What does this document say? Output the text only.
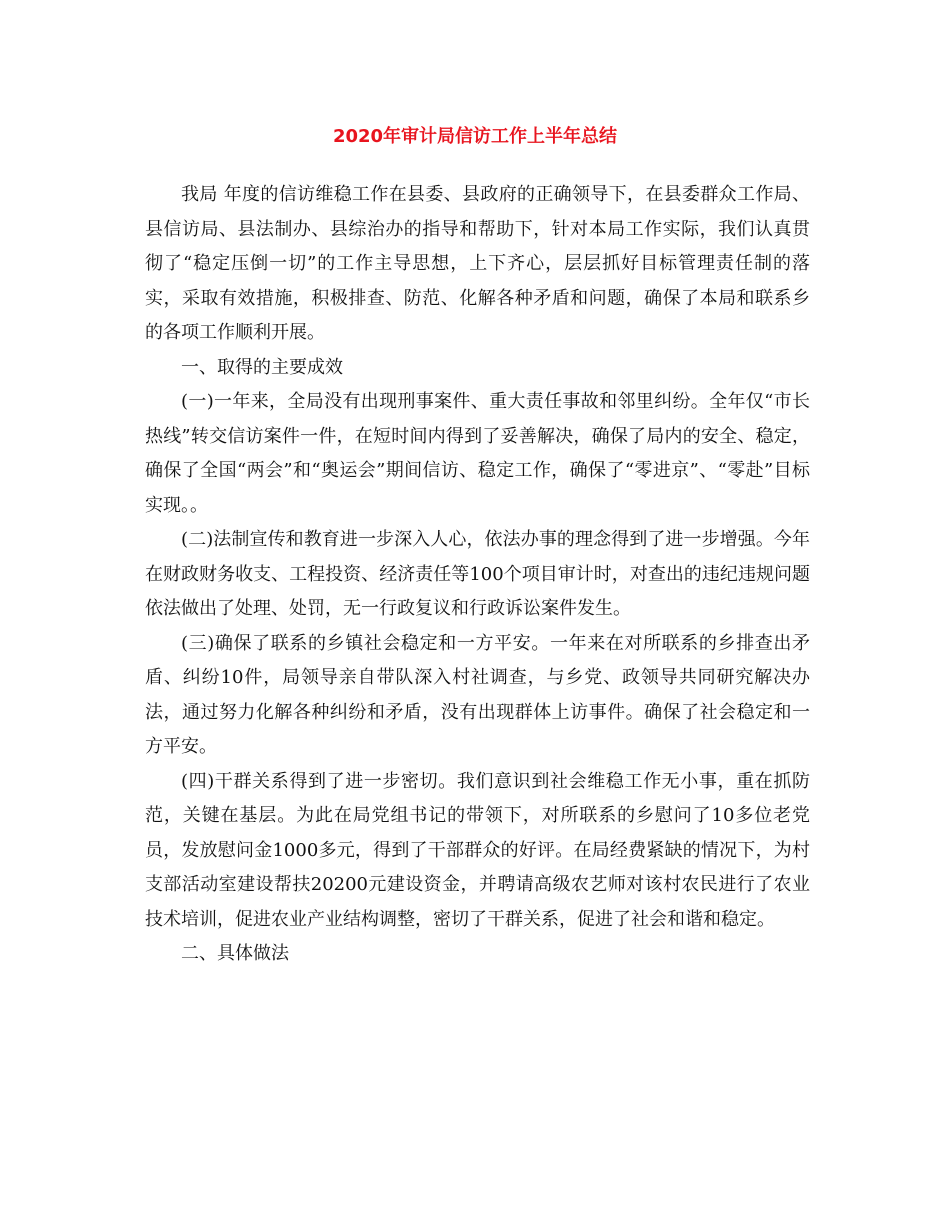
2020年审计局信访工作上半年总结

我局 年度的信访维稳工作在县委、县政府的正确领导下，在县委群众工作局、县信访局、县法制办、县综治办的指导和帮助下，针对本局工作实际，我们认真贯彻了“稳定压倒一切”的工作主导思想，上下齐心，层层抓好目标管理责任制的落实，采取有效措施，积极排查、防范、化解各种矛盾和问题，确保了本局和联系乡的各项工作顺利开展。

一、取得的主要成效

(一)一年来，全局没有出现刑事案件、重大责任事故和邻里纠纷。全年仅“市长热线”转交信访案件一件，在短时间内得到了妥善解决，确保了局内的安全、稳定，确保了全国“两会”和“奥运会”期间信访、稳定工作，确保了“零进京”、“零赴”目标实现。。

(二)法制宣传和教育进一步深入人心，依法办事的理念得到了进一步增强。今年在财政财务收支、工程投资、经济责任等100个项目审计时，对查出的违纪违规问题依法做出了处理、处罚，无一行政复议和行政诉讼案件发生。

(三)确保了联系的乡镇社会稳定和一方平安。一年来在对所联系的乡排查出矛盾、纠纷10件，局领导亲自带队深入村社调查，与乡党、政领导共同研究解决办法，通过努力化解各种纠纷和矛盾，没有出现群体上访事件。确保了社会稳定和一方平安。

(四)干群关系得到了进一步密切。我们意识到社会维稳工作无小事，重在抓防范，关键在基层。为此在局党组书记的带领下，对所联系的乡慰问了10多位老党员，发放慰问金1000多元，得到了干部群众的好评。在局经费紧缺的情况下，为村支部活动室建设帮扶20200元建设资金，并聘请高级农艺师对该村农民进行了农业技术培训，促进农业产业结构调整，密切了干群关系，促进了社会和谐和稳定。

二、具体做法
